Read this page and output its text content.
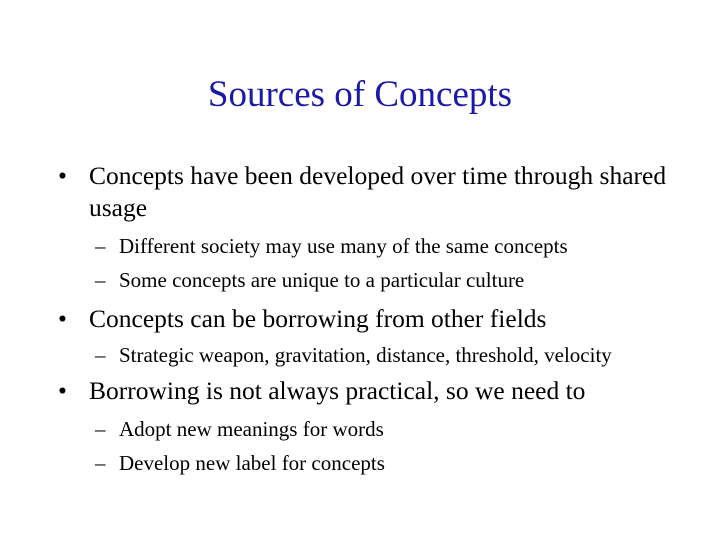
Sources of Concepts
• Concepts have been developed over time through shared usage
– Different society may use many of the same concepts
– Some concepts are unique to a particular culture
• Concepts can be borrowing from other fields
– Strategic weapon, gravitation, distance, threshold, velocity
• Borrowing is not always practical, so we need to
– Adopt new meanings for words
– Develop new label for concepts
